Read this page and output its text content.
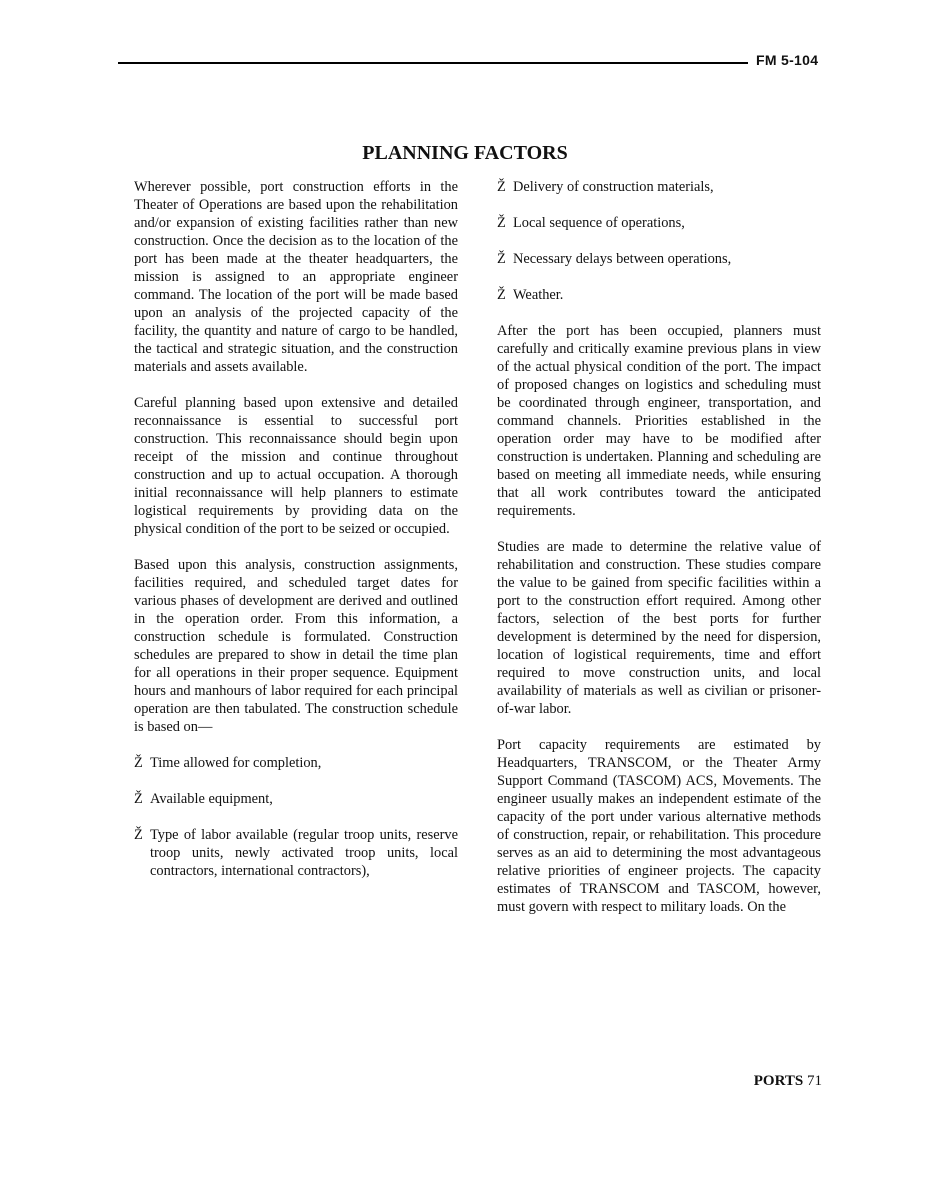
FM 5-104
PLANNING FACTORS

Wherever possible, port construction efforts in the Theater of Operations are based upon the rehabilitation and/or expansion of existing facilities rather than new construction. Once the decision as to the location of the port has been made at the theater headquarters, the mission is assigned to an appropriate engineer command. The location of the port will be made based upon an analysis of the projected capacity of the facility, the quantity and nature of cargo to be handled, the tactical and strategic situation, and the construction materials and assets available.

Careful planning based upon extensive and detailed reconnaissance is essential to successful port construction. This reconnaissance should begin upon receipt of the mission and continue throughout construction and up to actual occupation. A thorough initial reconnaissance will help planners to estimate logistical requirements by providing data on the physical condition of the port to be seized or occupied.

Based upon this analysis, construction assignments, facilities required, and scheduled target dates for various phases of development are derived and outlined in the operation order. From this information, a construction schedule is formulated. Construction schedules are prepared to show in detail the time plan for all operations in their proper sequence. Equipment hours and manhours of labor required for each principal operation are then tabulated. The construction schedule is based on—

Ž Time allowed for completion,
Ž Available equipment,
Ž Type of labor available (regular troop units, reserve troop units, newly activated troop units, local contractors, international contractors),
Ž Delivery of construction materials,
Ž Local sequence of operations,
Ž Necessary delays between operations,
Ž Weather.

After the port has been occupied, planners must carefully and critically examine previous plans in view of the actual physical condition of the port. The impact of proposed changes on logistics and scheduling must be coordinated through engineer, transportation, and command channels. Priorities established in the operation order may have to be modified after construction is undertaken. Planning and scheduling are based on meeting all immediate needs, while ensuring that all work contributes toward the anticipated requirements.

Studies are made to determine the relative value of rehabilitation and construction. These studies compare the value to be gained from specific facilities within a port to the construction effort required. Among other factors, selection of the best ports for further development is determined by the need for dispersion, location of logistical requirements, time and effort required to move construction units, and local availability of materials as well as civilian or prisoner-of-war labor.

Port capacity requirements are estimated by Headquarters, TRANSCOM, or the Theater Army Support Command (TASCOM) ACS, Movements. The engineer usually makes an independent estimate of the capacity of the port under various alternative methods of construction, repair, or rehabilitation. This procedure serves as an aid to determining the most advantageous relative priorities of engineer projects. The capacity estimates of TRANSCOM and TASCOM, however, must govern with respect to military loads. On the

PORTS 71
